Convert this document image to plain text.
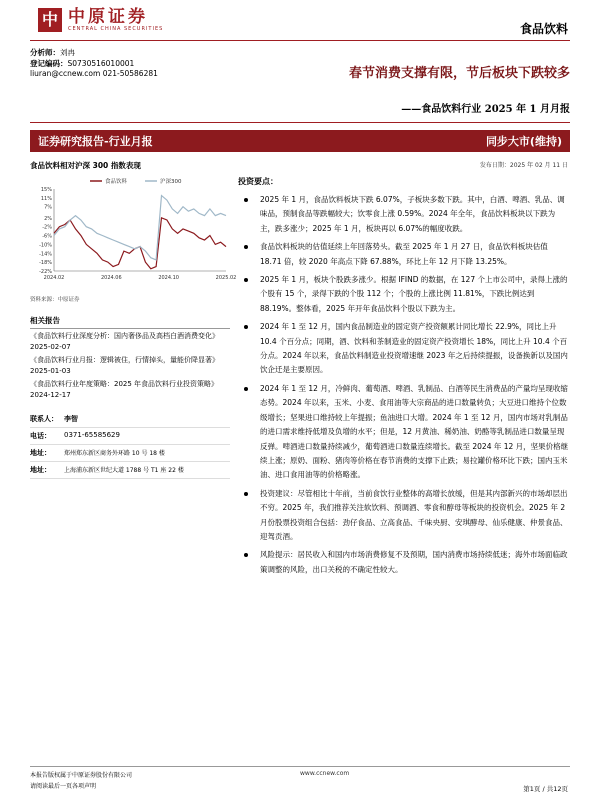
中 中原证券
CENTRAL CHINA SECURITIES	食品饮料
分析师：刘冉
登记编码：S0730516010001
liuran@ccnew.com 021-50586281	春节消费支撑有限，节后板块下跌较多
——食品饮料行业 2025 年 1 月月报
证券研究报告-行业月报	同步大市(维持)
发布日期：2025 年 02 月 11 日
食品饮料相对沪深 300 指数表现
15%
11%
7%
2%
-2%
-6%
-10%
-14%
-18%
-22%
2024.02	2024.06	2024.10	2025.02
食品饮料	沪深300
资料来源：中原证券
相关报告
《食品饮料行业深度分析：国内奢侈品及高档白酒消费变化》 2025-02-07
《食品饮料行业月报：逻辑被住，行情掉头，量能价降显著》 2025-01-03
《食品饮料行业年度策略：2025 年食品饮料行业投资策略》 2024-12-17
联系人： 李智
电话：	0371-65585629
地址：	郑州郑东新区商务外环路 10 号 18 楼
地址：	上海浦东新区世纪大道 1788 号 T1 座 22 楼
投资要点：
2025 年 1 月，食品饮料板块下跌 6.07%，子板块多数下跌。其中，白酒、啤酒、乳品、调味品，预制食品等跌幅较大；饮零食上涨 0.59%。2024 年全年，食品饮料板块以下跌为主，跌多涨少；2025 年 1 月，板块再以 6.07%的幅度收跌。
食品饮料板块的估值延续上年回落势头。截至 2025 年 1 月 27 日，食品饮料板块估值 18.71 倍，较 2020 年高点下降 67.88%，环比上年 12 月下降 13.25%。
2025 年 1 月，板块个股跌多涨少。根据 IFIND 的数据，在 127 个上市公司中，录得上涨的个股有 15 个，录得下跌的个股 112 个；个股的上涨比例 11.81%，下跌比例达到 88.19%。整体看，2025 年开年食品饮料个股以下跌为主。
2024 年 1 至 12 月，国内食品制造业的固定资产投资额累计同比增长 22.9%，同比上升 10.4 个百分点；同期，酒、饮料和茶制造业的固定资产投资增长 18%，同比上升 10.4 个百分点。2024 年以来，食品饮料制造业投资增速继 2023 年之后持续提振，设备换新以及国内饮企迁是主要原因。
2024 年 1 至 12 月，冷鲜肉、葡萄酒、啤酒、乳制品、白酒等民生消费品的产量均呈现收缩态势。2024 年以来，玉米、小麦、食用油等大宗商品的进口数量转负；大豆进口维持个位数级增长；坚果进口维持较上年提振；鱼油进口大增。2024 年 1 至 12 月，国内市场对乳制品的进口需求维持低增及负增的水平；但是，12 月黄油、稀奶油、奶酪等乳制品进口数量呈现反弹。啤酒进口数量持续减少，葡萄酒进口数量连续增长。截至 2024 年 12 月，坚果价格继续上涨；原奶、面粉、猪肉等价格在春节消费的支撑下止跌；易拉罐价格环比下跌；国内玉米油、进口食用油等的价格略涨。
投资建议：尽管相比十年前，当前食饮行业整体的高增长放缓，但是其内部新兴的市场却层出不穷。2025 年，我们推荐关注软饮料、预调酒、零食和醇母等板块的投资机会。2025 年 2 月份股票投资组合包括：劲仔食品、立高食品、千味央厨、安琪酵母、仙乐健康、仲景食品、迎驾贡酒。
风险提示：居民收入和国内市场消费修复不及预期，国内消费市场持续低迷；海外市场面临政策调整的风险，出口关税的不确定性较大。
本报告版权属于中原证券股份有限公司
请阅读最后一页各项声明
www.ccnew.com
第1页 / 共12页
